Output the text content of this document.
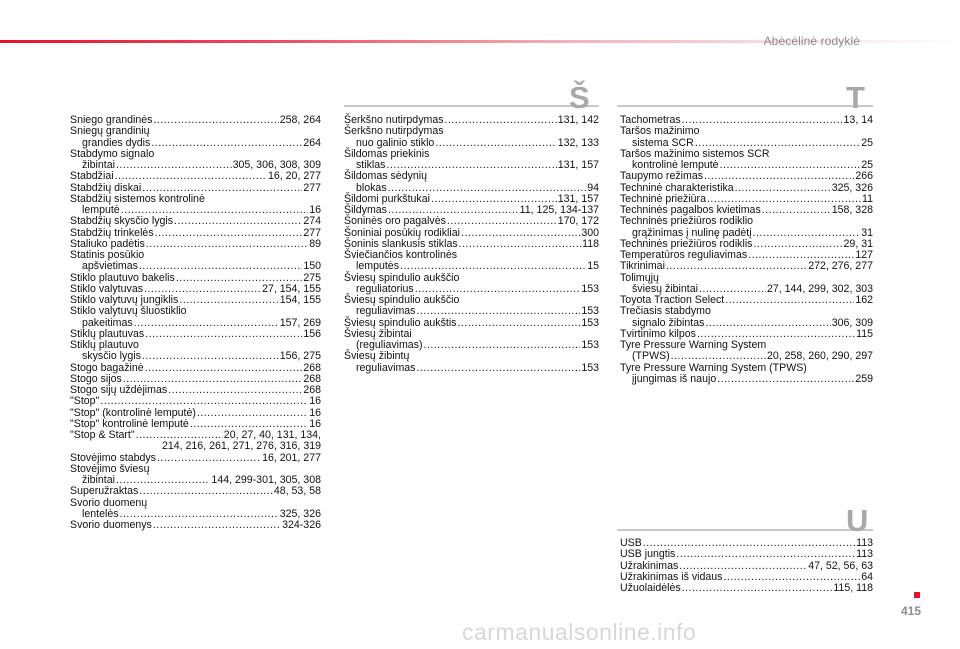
Abėcėlinė rodyklė
Š	T
U
Sniego grandinės .....	258, 264
Sniegų grandinių
grandies dydis .....	264
Stabdymo signalo
žibintai .....	305, 306, 308, 309
Stabdžiai .....	16, 20, 277
Stabdžių diskai .....	277
Stabdžių sistemos kontrolinė
lemputė .....	16
Stabdžių skysčio lygis .....	274
Stabdžių trinkelės .....	277
Staliuko padėtis .....	89
Statinis posūkio
apšvietimas .....	150
Stiklo plautuvo bakelis .....	275
Stiklo valytuvas .....	27, 154, 155
Stiklo valytuvų jungiklis .....	154, 155
Stiklo valytuvų šluostiklio
pakeitimas .....	157, 269
Stiklų plautuvas .....	156
Stiklų plautuvo
skysčio lygis .....	156, 275
Stogo bagažinė .....	268
Stogo sijos .....	268
Stogo sijų uždėjimas .....	268
"Stop" .....	16
"Stop" (kontrolinė lemputė) .....	16
"Stop" kontrolinė lemputė .....	16
"Stop & Start" .....	20, 27, 40, 131, 134,
214, 216, 261, 271, 276, 316, 319
Stovėjimo stabdys .....	16, 201, 277
Stovėjimo šviesų
žibintai .....	144, 299-301, 305, 308
Superužraktas .....	48, 53, 58
Svorio duomenų
lentelės .....	325, 326
Svorio duomenys .....	324-326
Šerkšno nutirpdymas .....	131, 142
Šerkšno nutirpdymas
nuo galinio stiklo .....	132, 133
Šildomas priekinis
stiklas .....	131, 157
Šildomas sėdynių
blokas .....	94
Šildomi purkštukai .....	131, 157
Šildymas .....	11, 125, 134-137
Šoninės oro pagalvės .....	170, 172
Šoniniai posūkių rodikliai .....	300
Šoninis slankusis stiklas .....	118
Šviečiančios kontrolinės
lemputės .....	15
Šviesų spindulio aukščio
reguliatorius .....	153
Šviesų spindulio aukščio
reguliavimas .....	153
Šviesų spindulio aukštis .....	153
Šviesų žibintai
(reguliavimas) .....	153
Šviesų žibintų
reguliavimas .....	153
Tachometras .....	13, 14
Taršos mažinimo
sistema SCR .....	25
Taršos mažinimo sistemos SCR
kontrolinė lemputė .....	25
Taupymo režimas .....	266
Techninė charakteristika .....	325, 326
Techninė priežiūra .....	11
Techninės pagalbos kvietimas .....	158, 328
Techninės priežiūros rodiklio
grąžinimas į nulinę padėtį .....	31
Techninės priežiūros rodiklis .....	29, 31
Temperatūros reguliavimas .....	127
Tikrinimai .....	272, 276, 277
Tolimųjų
šviesų žibintai .....	27, 144, 299, 302, 303
Toyota Traction Select .....	162
Trečiasis stabdymo
signalo žibintas .....	306, 309
Tvirtinimo kilpos .....	115
Tyre Pressure Warning System
(TPWS) .....	20, 258, 260, 290, 297
Tyre Pressure Warning System (TPWS)
įjungimas iš naujo .....	259
USB .....	113
USB jungtis .....	113
Užrakinimas .....	47, 52, 56, 63
Užrakinimas iš vidaus .....	64
Užuolaidėlės .....	115, 118
415
carmanualsonline.info
